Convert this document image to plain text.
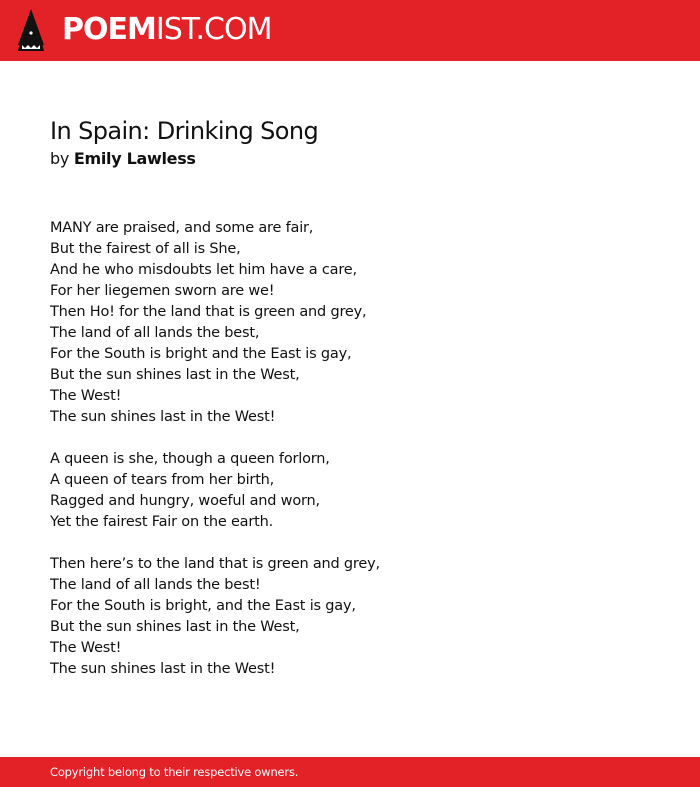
POEMIST.COM
In Spain: Drinking Song
by Emily Lawless
MANY are praised, and some are fair,
But the fairest of all is She,
And he who misdoubts let him have a care,
For her liegemen sworn are we!
Then Ho! for the land that is green and grey,
The land of all lands the best,
For the South is bright and the East is gay,
But the sun shines last in the West,
The West!
The sun shines last in the West!
A queen is she, though a queen forlorn,
A queen of tears from her birth,
Ragged and hungry, woeful and worn,
Yet the fairest Fair on the earth.
Then here’s to the land that is green and grey,
The land of all lands the best!
For the South is bright, and the East is gay,
But the sun shines last in the West,
The West!
The sun shines last in the West!
Copyright belong to their respective owners.
